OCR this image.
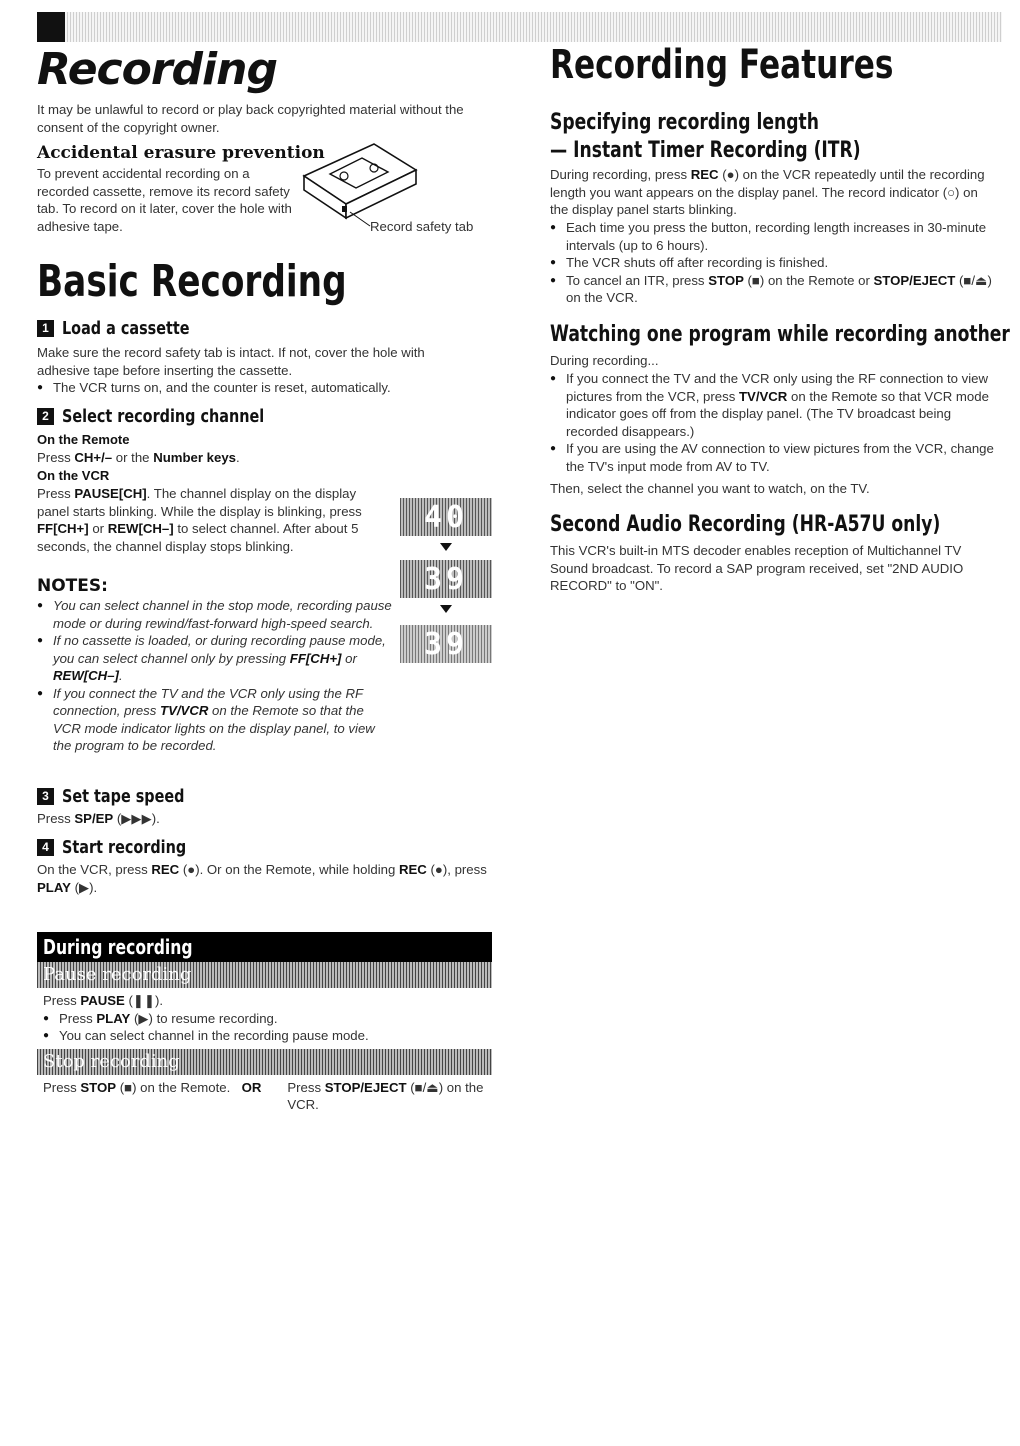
Recording
It may be unlawful to record or play back copyrighted material without the consent of the copyright owner.
Accidental erasure prevention
To prevent accidental recording on a recorded cassette, remove its record safety tab. To record on it later, cover the hole with adhesive tape.	Record safety tab
Basic Recording
1 Load a cassette
Make sure the record safety tab is intact. If not, cover the hole with adhesive tape before inserting the cassette.
● The VCR turns on, and the counter is reset, automatically.
2 Select recording channel
On the Remote
Press CH+/– or the Number keys.
On the VCR
Press PAUSE[CH]. The channel display on the display panel starts blinking. While the display is blinking, press FF[CH+] or REW[CH–] to select channel. After about 5 seconds, the channel display stops blinking.
NOTES:
● You can select channel in the stop mode, recording pause mode or during rewind/fast-forward high-speed search.
● If no cassette is loaded, or during recording pause mode, you can select channel only by pressing FF[CH+] or REW[CH–].
● If you connect the TV and the VCR only using the RF connection, press TV/VCR on the Remote so that the VCR mode indicator lights on the display panel, to view the program to be recorded.
40
39
39
3 Set tape speed
Press SP/EP (▶▶▶).
4 Start recording
On the VCR, press REC (●). Or on the Remote, while holding REC (●), press PLAY (▶).
During recording
Pause recording
Press PAUSE (❚❚).
● Press PLAY (▶) to resume recording.
● You can select channel in the recording pause mode.
Stop recording
Press STOP (■) on the Remote. OR	Press STOP/EJECT (■/⏏) on the VCR.
Recording Features
Specifying recording length
— Instant Timer Recording (ITR)
During recording, press REC (●) on the VCR repeatedly until the recording length you want appears on the display panel. The record indicator (○) on the display panel starts blinking.
● Each time you press the button, recording length increases in 30-minute intervals (up to 6 hours).
● The VCR shuts off after recording is finished.
● To cancel an ITR, press STOP (■) on the Remote or STOP/EJECT (■/⏏) on the VCR.
Watching one program while recording another
During recording...
● If you connect the TV and the VCR only using the RF connection to view pictures from the VCR, press TV/VCR on the Remote so that VCR mode indicator goes off from the display panel. (The TV broadcast being recorded disappears.)
● If you are using the AV connection to view pictures from the VCR, change the TV's input mode from AV to TV.
Then, select the channel you want to watch, on the TV.
Second Audio Recording (HR-A57U only)
This VCR's built-in MTS decoder enables reception of Multichannel TV Sound broadcast. To record a SAP program received, set "2ND AUDIO RECORD" to "ON".
